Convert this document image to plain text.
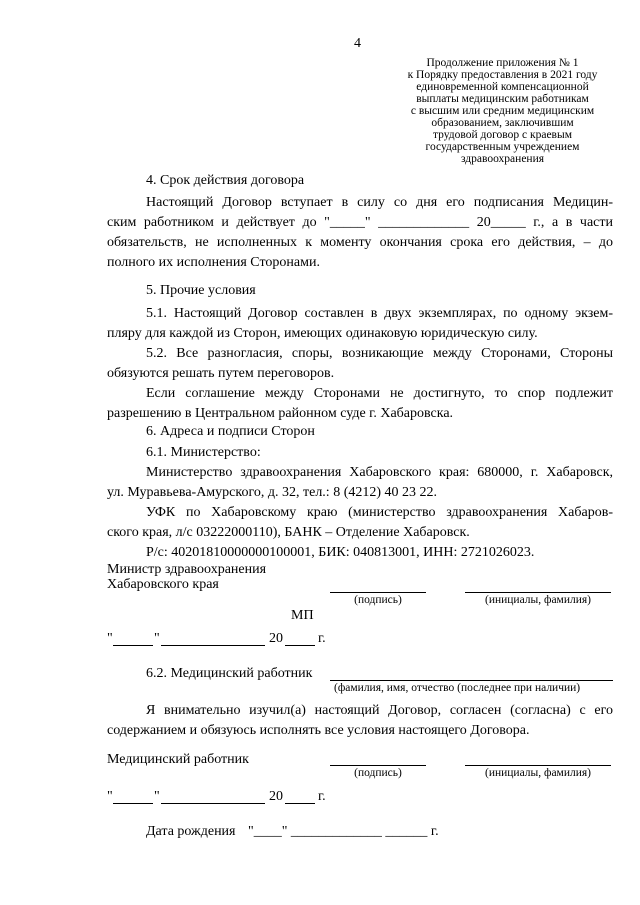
4
Продолжение приложения № 1
к Порядку предоставления в 2021 году
единовременной компенсационной
выплаты медицинским работникам
с высшим или средним медицинским
образованием, заключившим
трудовой договор с краевым
государственным учреждением
здравоохранения
4. Срок действия договора
Настоящий Договор вступает в силу со дня его подписания Медицин-
ским работником и действует до "_____" _____________ 20_____ г., а в части
обязательств, не исполненных к моменту окончания срока его действия, – до
полного их исполнения Сторонами.
5. Прочие условия
5.1. Настоящий Договор составлен в двух экземплярах, по одному экзем-
пляру для каждой из Сторон, имеющих одинаковую юридическую силу.
5.2. Все разногласия, споры, возникающие между Сторонами, Стороны
обязуются решать путем переговоров.
Если соглашение между Сторонами не достигнуто, то спор подлежит
разрешению в Центральном районном суде г. Хабаровска.
6. Адреса и подписи Сторон
6.1. Министерство:
Министерство здравоохранения Хабаровского края: 680000, г. Хабаровск,
ул. Муравьева-Амурского, д. 32, тел.: 8 (4212) 40 23 22.
УФК по Хабаровскому краю (министерство здравоохранения Хабаров-
ского края, л/с 03222000110), БАНК – Отделение Хабаровск.
Р/с: 40201810000000100001, БИК: 040813001, ИНН: 2721026023.
Министр здравоохранения
Хабаровского края
(подпись)	(инициалы, фамилия)
МП
"	"	20	г.
6.2. Медицинский работник
(фамилия, имя, отчество (последнее при наличии)
Я внимательно изучил(а) настоящий Договор, согласен (согласна) с его
содержанием и обязуюсь исполнять все условия настоящего Договора.
Медицинский работник
(подпись)	(инициалы, фамилия)
"	"	20	г.
Дата рождения "____" _____________ ______ г.
